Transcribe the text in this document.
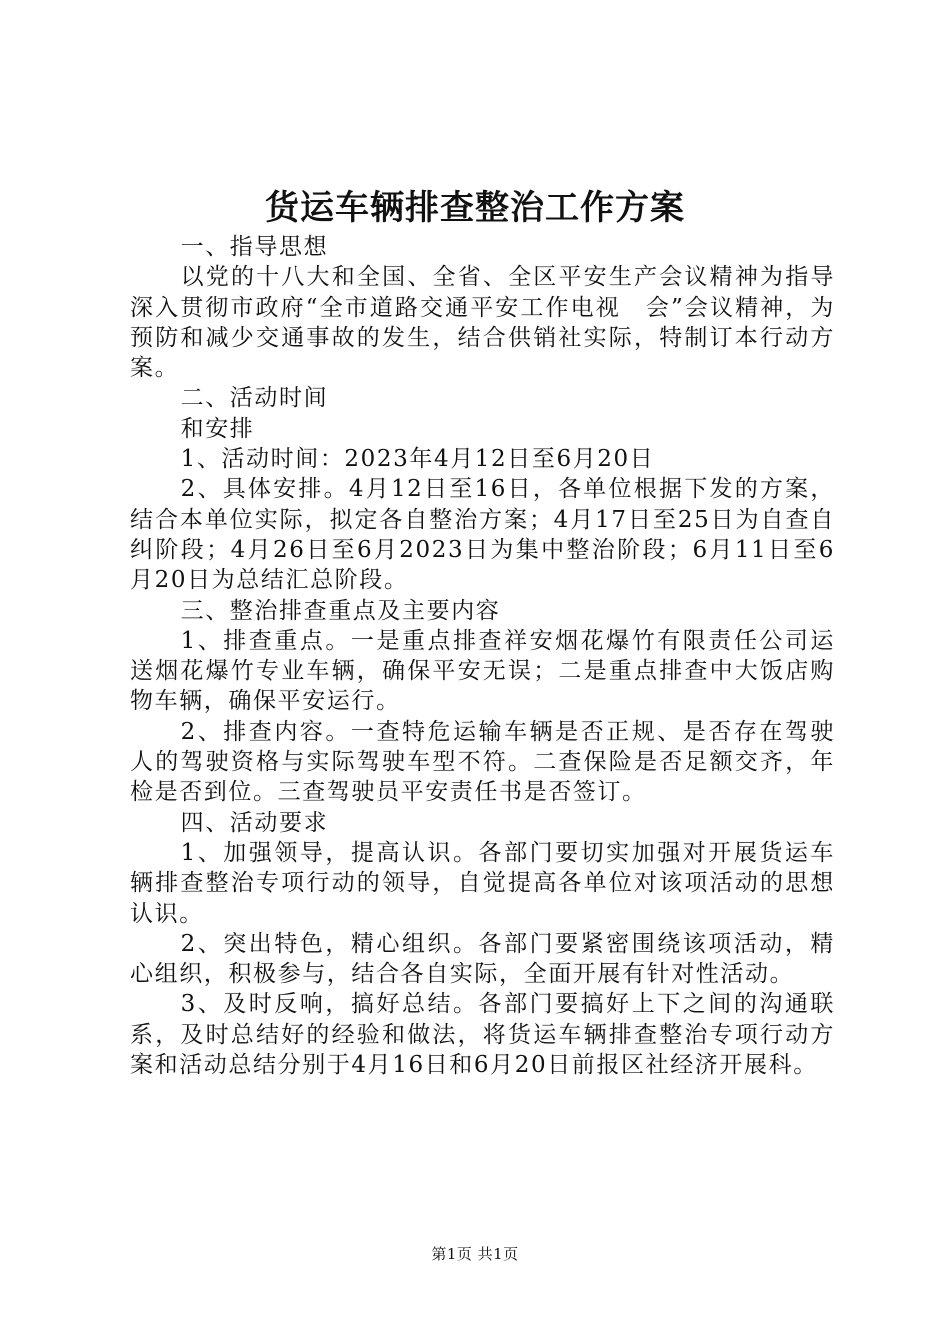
货运车辆排查整治工作方案

一、指导思想

以党的十八大和全国、全省、全区平安生产会议精神为指导深入贯彻市政府“全市道路交通平安工作电视　会”会议精神，为预防和减少交通事故的发生，结合供销社实际，特制订本行动方案。

二、活动时间

和安排

1、活动时间：2023年4月12日至6月20日

2、具体安排。4月12日至16日，各单位根据下发的方案，结合本单位实际，拟定各自整治方案；4月17日至25日为自查自纠阶段；4月26日至6月2023日为集中整治阶段；6月11日至6月20日为总结汇总阶段。

三、整治排查重点及主要内容

1、排查重点。一是重点排查祥安烟花爆竹有限责任公司运送烟花爆竹专业车辆，确保平安无误；二是重点排查中大饭店购物车辆，确保平安运行。

2、排查内容。一查特危运输车辆是否正规、是否存在驾驶人的驾驶资格与实际驾驶车型不符。二查保险是否足额交齐，年检是否到位。三查驾驶员平安责任书是否签订。

四、活动要求

1、加强领导，提高认识。各部门要切实加强对开展货运车辆排查整治专项行动的领导，自觉提高各单位对该项活动的思想认识。

2、突出特色，精心组织。各部门要紧密围绕该项活动，精心组织，积极参与，结合各自实际，全面开展有针对性活动。

3、及时反响，搞好总结。各部门要搞好上下之间的沟通联系，及时总结好的经验和做法，将货运车辆排查整治专项行动方案和活动总结分别于4月16日和6月20日前报区社经济开展科。

第1页 共1页
